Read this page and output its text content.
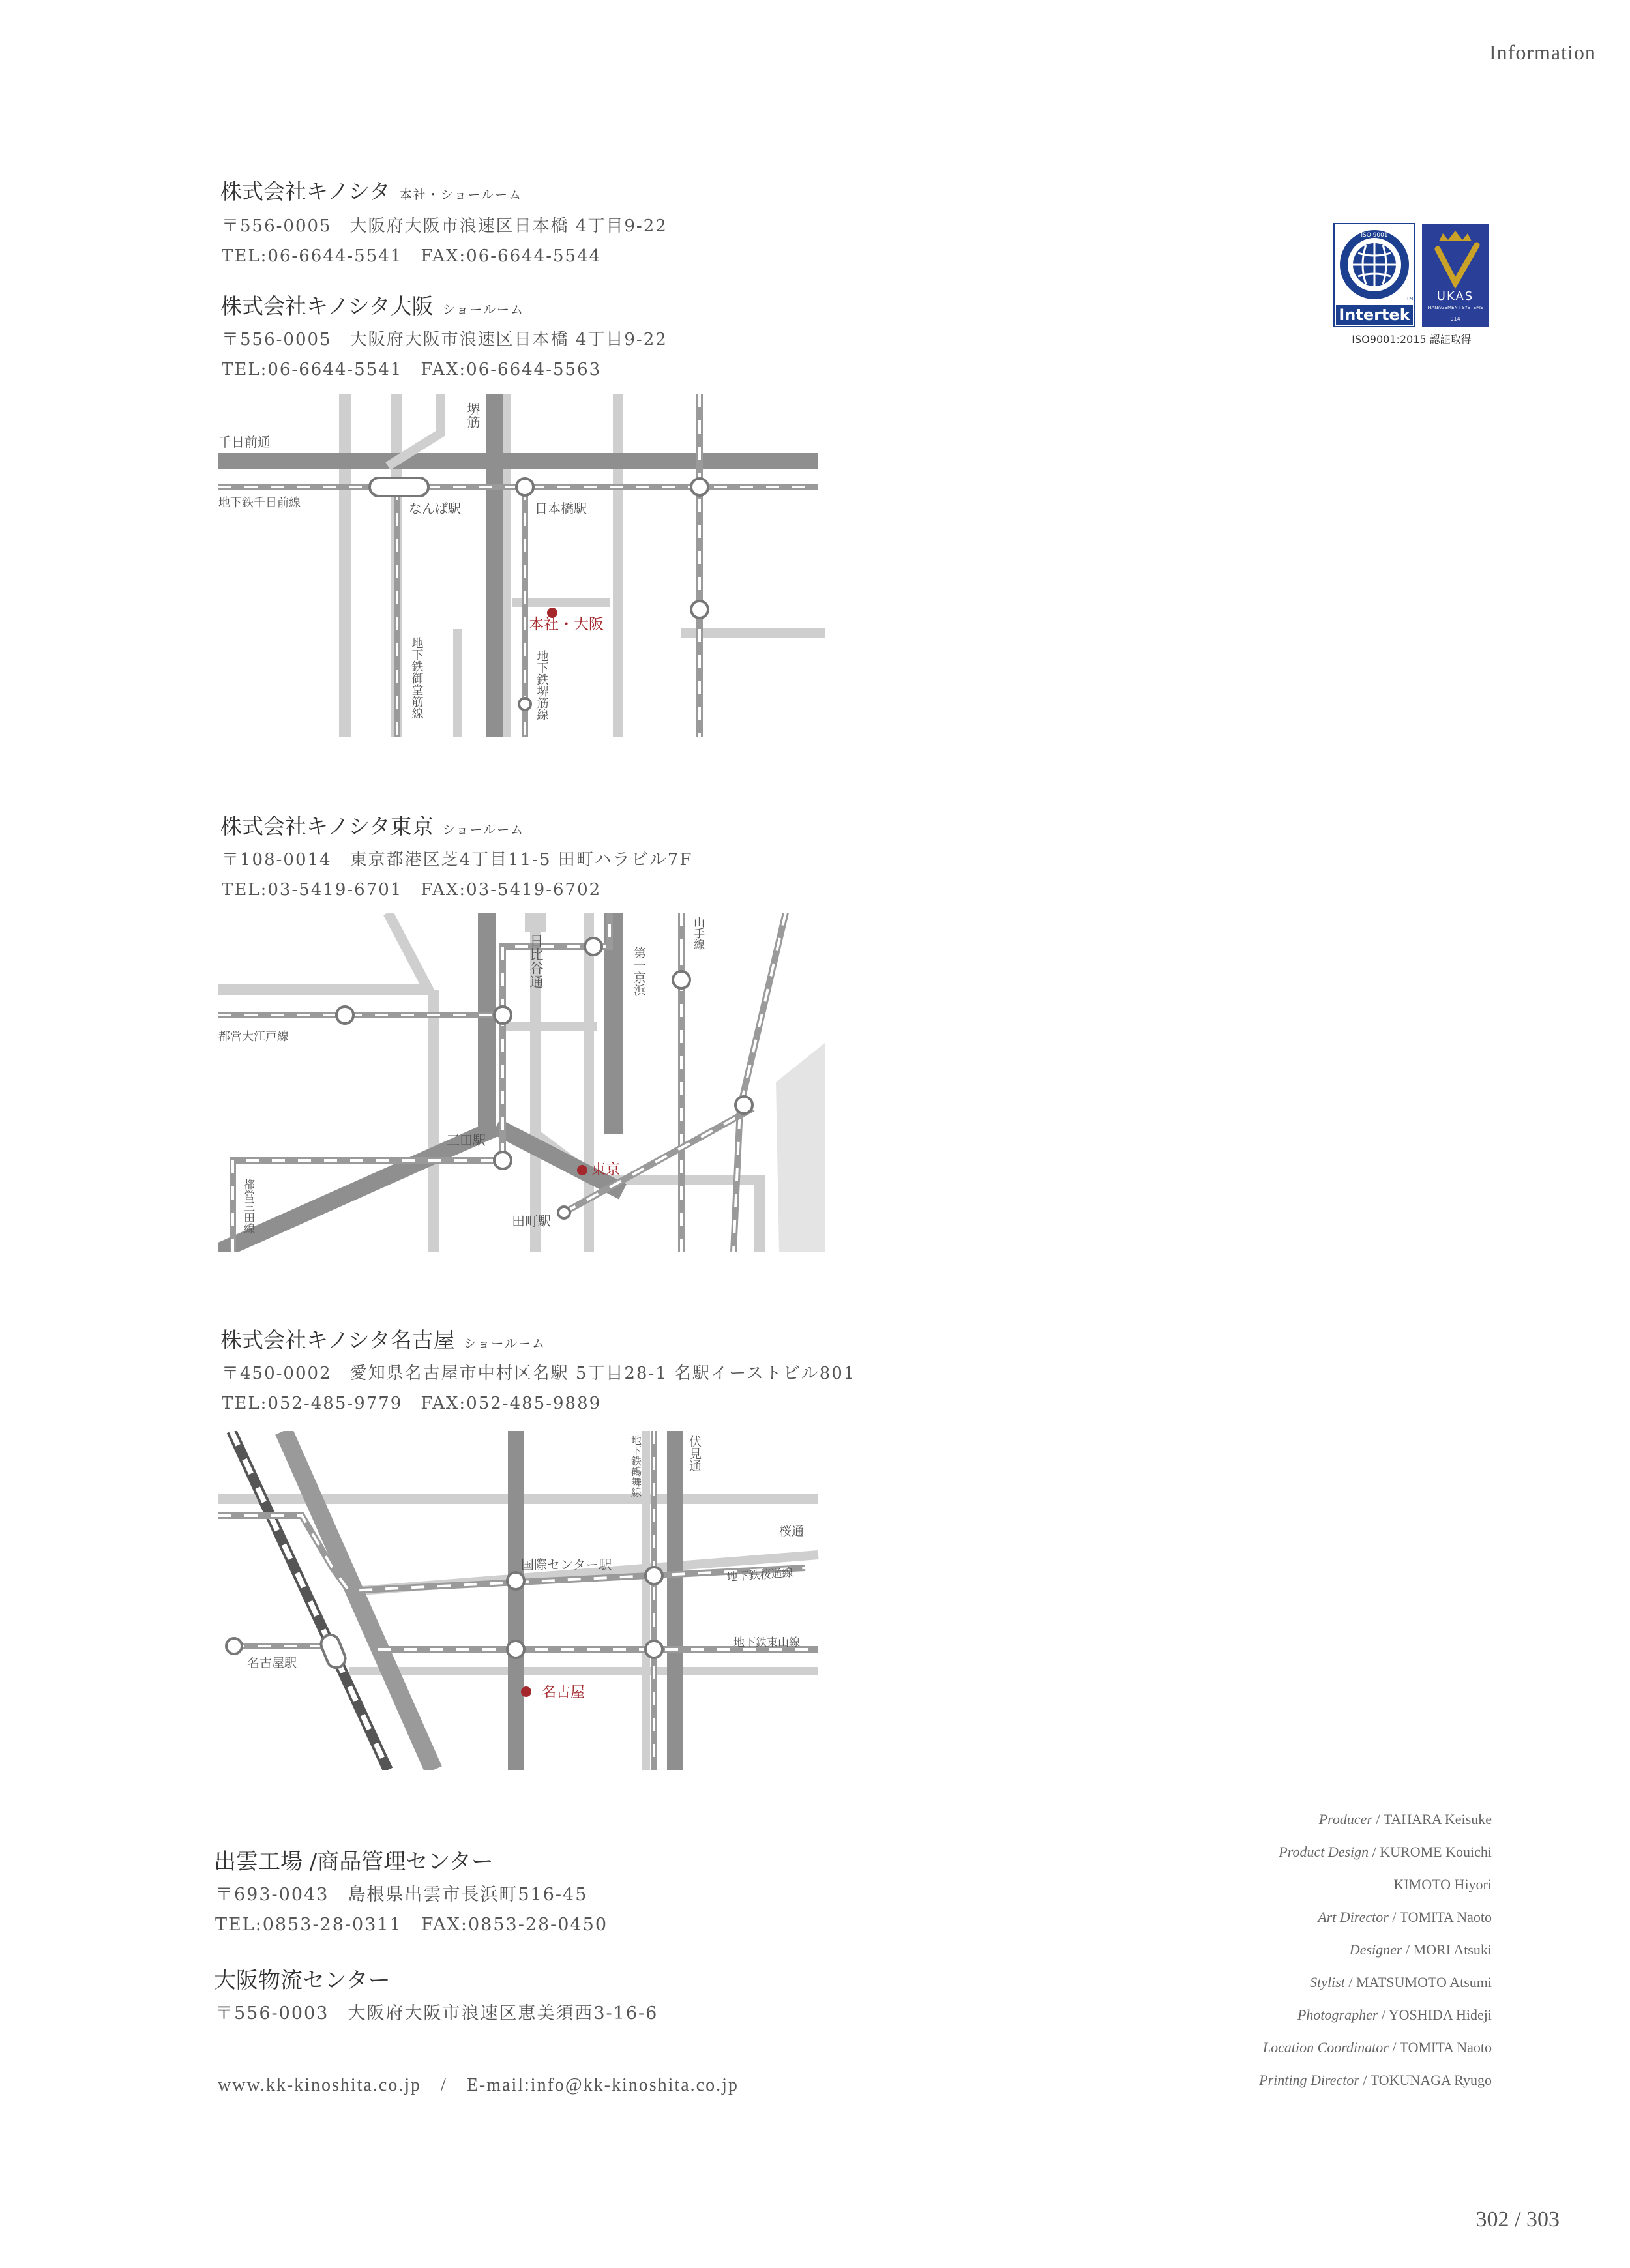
Information
株式会社キノシタ 本社・ショールーム
〒556-0005　大阪府大阪市浪速区日本橋 4丁目9-22
TEL:06-6644-5541　FAX:06-6644-5544
株式会社キノシタ大阪 ショールーム
〒556-0005　大阪府大阪市浪速区日本橋 4丁目9-22
TEL:06-6644-5541　FAX:06-6644-5563
ISO 9001
TM
Intertek
UKAS
MANAGEMENT SYSTEMS
014
ISO9001:2015 認証取得
千日前通
地下鉄千日前線	なんば駅	日本橋駅
本社・大阪
堺筋
地下鉄御堂筋線	地下鉄堺筋線
株式会社キノシタ東京 ショールーム
〒108-0014　東京都港区芝4丁目11-5 田町ハラビル7F
TEL:03-5419-6701　FAX:03-5419-6702
都営大江戸線
三田駅
東京
田町駅
日比谷通	第一京浜
山手線
都営三田線
株式会社キノシタ名古屋 ショールーム
〒450-0002　愛知県名古屋市中村区名駅 5丁目28-1 名駅イーストビル801
TEL:052-485-9779　FAX:052-485-9889
名古屋駅
国際センター駅
名古屋
桜通
地下鉄桜通線
地下鉄東山線
地下鉄鶴舞線	伏見通
出雲工場 /商品管理センター
〒693-0043　島根県出雲市長浜町516-45
TEL:0853-28-0311　FAX:0853-28-0450
大阪物流センター
〒556-0003　大阪府大阪市浪速区恵美須西3-16-6
www.kk-kinoshita.co.jp　/　E-mail:info@kk-kinoshita.co.jp
Producer / TAHARA Keisuke
Product Design / KUROME Kouichi
KIMOTO Hiyori
Art Director / TOMITA Naoto
Designer / MORI Atsuki
Stylist / MATSUMOTO Atsumi
Photographer / YOSHIDA Hideji
Location Coordinator / TOMITA Naoto
Printing Director / TOKUNAGA Ryugo
302 / 303
